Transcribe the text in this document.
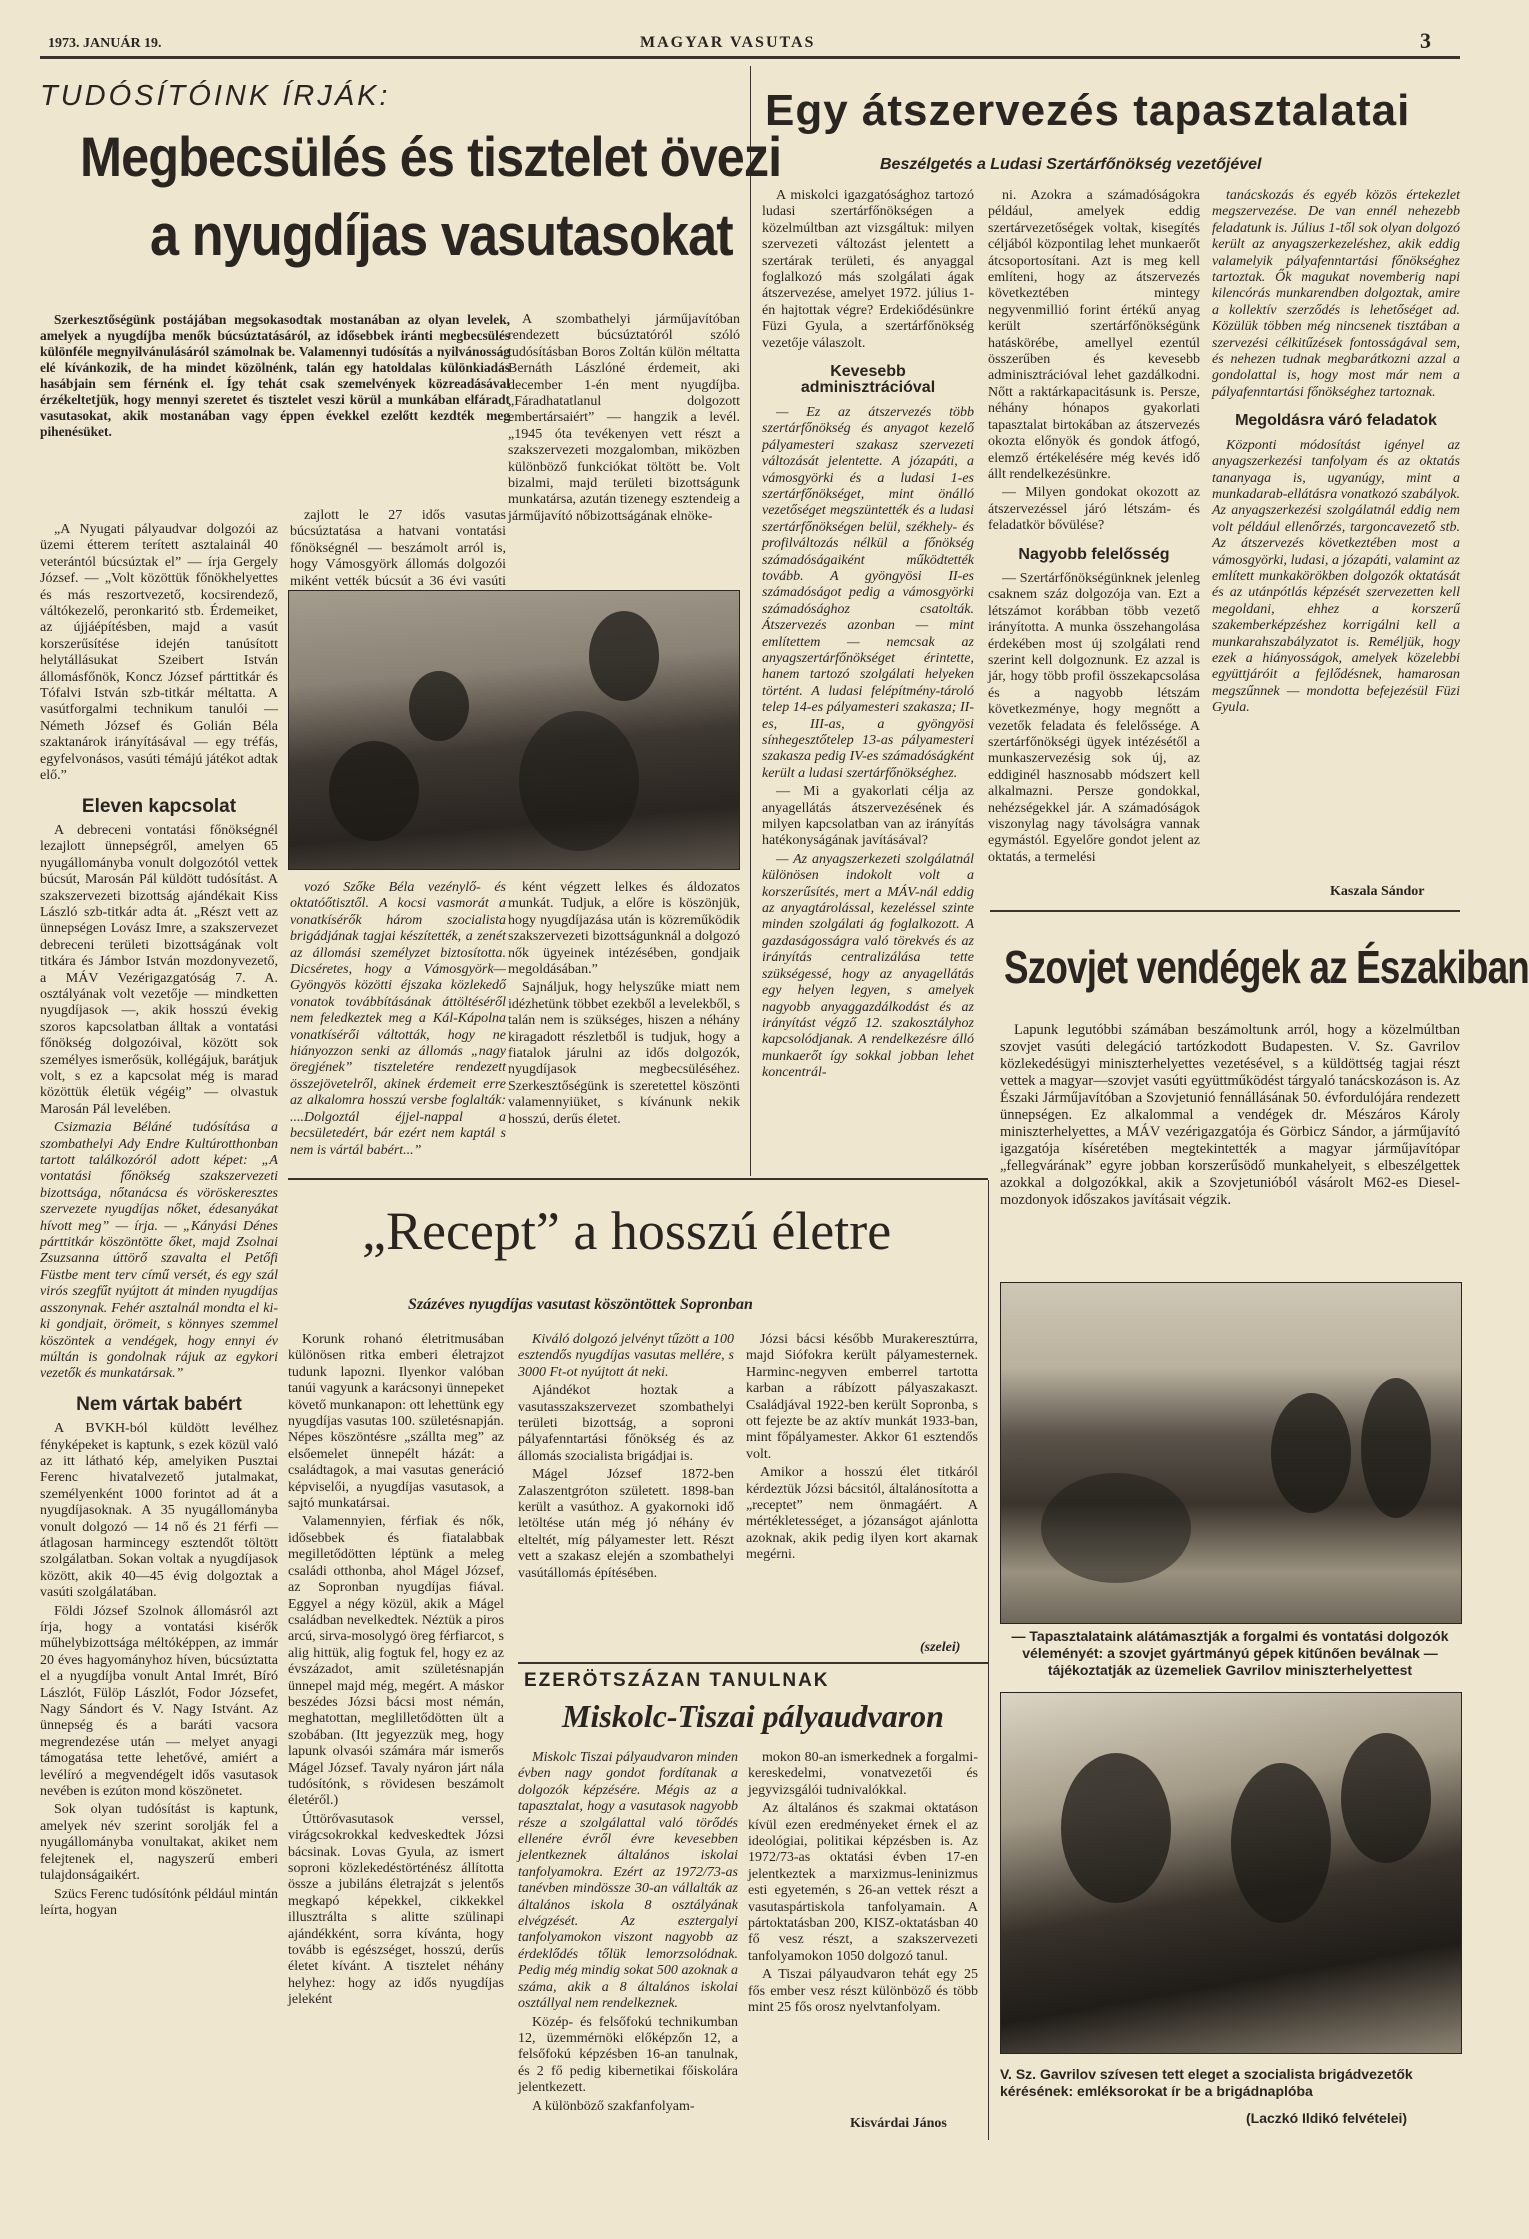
1973. JANUÁR 19.	MAGYAR VASUTAS	3
TUDÓSÍTÓINK ÍRJÁK:
Megbecsülés és tisztelet övezi
a nyugdíjas vasutasokat

Szerkesztőségünk postájában megsokasodtak mostanában az olyan levelek, amelyek a nyugdíjba menők búcsúztatásáról, az idősebbek iránti megbecsülés különféle megnyilvánulásáról számolnak be. Valamennyi tudósítás a nyilvánosság elé kívánkozik, de ha mindet közölnénk, talán egy hatoldalas különkiadás hasábjain sem férnénk el. Így tehát csak szemelvények közreadásával érzékeltetjük, hogy mennyi szeretet és tisztelet veszi körül a munkában elfáradt vasutasokat, akik mostanában vagy éppen évekkel ezelőtt kezdték meg pihenésüket.

A szombathelyi járműjavítóban rendezett búcsúztatóról szóló tudósításban Boros Zoltán külön méltatta Bernáth Lászlóné érdemeit, aki december 1-én ment nyugdíjba. „Fáradhatatlanul dolgozott embertársaiért” — hangzik a levél. „1945 óta tevékenyen vett részt a szakszervezeti mozgalomban, miközben különböző funkciókat töltött be. Volt bizalmi, majd területi bizottságunk munkatársa, azután tizenegy esztendeig a járműjavító nőbizottságának elnöke-

zajlott le 27 idős vasutas búcsúztatása a hatvani vontatási főnökségnél — beszámolt arról is, hogy Vámosgyörk állomás dolgozói miként vették búcsút a 36 évi vasúti

„A Nyugati pályaudvar dolgozói az üzemi étterem terített asztalainál 40 veterántól búcsúztak el” — írja Gergely József. — „Volt közöttük főnökhelyettes és más reszortvezető, kocsirendező, váltókezelő, peronkaritó stb. Érdemeiket, az újjáépítésben, majd a vasút korszerűsítése idején tanúsított helytállásukat Szeibert István állomásfőnök, Koncz József párttitkár és Tófalvi István szb-titkár méltatta. A vasútforgalmi technikum tanulói — Németh József és Golián Béla szaktanárok irányításával — egy tréfás, egyfelvonásos, vasúti témájú játékot adtak elő.”

Eleven kapcsolat

A debreceni vontatási főnökségnél lezajlott ünnepségről, amelyen 65 nyugállományba vonult dolgozótól vettek búcsút, Marosán Pál küldött tudósítást. A szakszervezeti bizottság ajándékait Kiss László szb-titkár adta át. „Részt vett az ünnepségen Lovász Imre, a szakszervezet debreceni területi bizottságának volt titkára és Jámbor István mozdonyvezető, a MÁV Vezérigazgatóság 7. A. osztályának volt vezetője — mindketten nyugdíjasok —, akik hosszú évekig szoros kapcsolatban álltak a vontatási főnökség dolgozóival, között sok személyes ismerősük, kollégájuk, barátjuk volt, s ez a kapcsolat még is marad közöttük életük végéig” — olvastuk Marosán Pál levelében.

Csizmazia Béláné tudósítása a szombathelyi Ady Endre Kultúrotthonban tartott találkozóról adott képet: „A vontatási főnökség szakszervezeti bizottsága, nőtanácsa és vöröskeresztes szervezete nyugdíjas nőket, édesanyákat hívott meg” — írja. — „Kányási Dénes párttitkár köszöntötte őket, majd Zsolnai Zsuzsanna úttörő szavalta el Petőfi Füstbe ment terv című versét, és egy szál virós szegfűt nyújtott át minden nyugdíjas asszonynak. Fehér asztalnál mondta el ki-ki gondjait, örömeit, s könnyes szemmel köszöntek a vendégek, hogy ennyi év múltán is gondolnak rájuk az egykori vezetők és munkatársak.”

Nem vártak babért

A BVKH-ból küldött levélhez fényképeket is kaptunk, s ezek közül való az itt látható kép, amelyiken Pusztai Ferenc hivatalvezető jutalmakat, személyenként 1000 forintot ad át a nyugdíjasoknak. A 35 nyugállományba vonult dolgozó — 14 nő és 21 férfi — átlagosan harmincegy esztendőt töltött szolgálatban. Sokan voltak a nyugdíjasok között, akik 40—45 évig dolgoztak a vasúti szolgálatában.

Földi József Szolnok állomásról azt írja, hogy a vontatási kisérők műhelybizottsága méltóképpen, az immár 20 éves hagyományhoz híven, búcsúztatta el a nyugdíjba vonult Antal Imrét, Bíró Lászlót, Fülöp Lászlót, Fodor Józsefet, Nagy Sándort és V. Nagy Istvánt. Az ünnepség és a baráti vacsora megrendezése után — melyet anyagi támogatása tette lehetővé, amiért a levélíró a megvendégelt idős vasutasok nevében is ezúton mond köszönetet.

Sok olyan tudósítást is kaptunk, amelyek név szerint sorolják fel a nyugállományba vonultakat, akiket nem felejtenek el, nagyszerű emberi tulajdonságaikért.

Szücs Ferenc tudósítónk például mintán leírta, hogyan

vozó Szőke Béla vezénylő- és oktatóőtisztől. A kocsi vasmorát a vonatkísérők három szocialista brigádjának tagjai készítették, a zenét az állomási személyzet biztosította. Dicséretes, hogy a Vámosgyörk—Gyöngyös közötti éjszaka közlekedő vonatok továbbításának áttöltéséről nem feledkeztek meg a Kál-Kápolna vonatkísérői váltották, hogy ne hiányozzon senki az állomás „nagy öregjének” tiszteletére rendezett összejövetelről, akinek érdemeit erre az alkalomra hosszú versbe foglalták: ....Dolgoztál éjjel-nappal a becsületedért, bár ezért nem kaptál s nem is vártál babért...”

ként végzett lelkes és áldozatos munkát. Tudjuk, a előre is köszönjük, hogy nyugdíjazása után is közreműködik szakszervezeti bizottságunknál a dolgozó nők ügyeinek intézésében, gondjaik megoldásában.”

Sajnáljuk, hogy helyszűke miatt nem idézhetünk többet ezekből a levelekből, s talán nem is szükséges, hiszen a néhány kiragadott részletből is tudjuk, hogy a fiatalok járulni az idős dolgozók, nyugdíjasok megbecsüléséhez. Szerkesztőségünk is szeretettel köszönti valamennyiüket, s kívánunk nekik hosszú, derűs életet.

Egy átszervezés tapasztalatai
Beszélgetés a Ludasi Szertárfőnökség vezetőjével

A miskolci igazgatósághoz tartozó ludasi szertárfőnökségen a közelmúltban azt vizsgáltuk: milyen szervezeti változást jelentett a szertárak területi, és anyaggal foglalkozó más szolgálati ágak átszervezése, amelyet 1972. július 1-én hajtottak végre? Erdekiődésünkre Füzi Gyula, a szertárfőnökség vezetője válaszolt.

Kevesebb adminisztrációval

— Ez az átszervezés több szertárfőnökség és anyagot kezelő pályamesteri szakasz szervezeti változását jelentette. A józapáti, a vámosgyörki és a ludasi 1-es szertárfőnökséget, mint önálló vezetőséget megszüntették és a ludasi szertárfőnökségen belül, székhely- és profilváltozás nélkül a főnökség számadóságaiként működtették tovább. A gyöngyösi II-es számadóságot pedig a vámosgyörki számadósághoz csatolták. Átszervezés azonban — mint említettem — nemcsak az anyagszertárfőnökséget érintette, hanem tartozó szolgálati helyeken történt. A ludasi felépítmény-tároló telep 14-es pályamesteri szakasza; II-es, III-as, a gyöngyösi sínhegesztőtelep 13-as pályamesteri szakasza pedig IV-es számadóságként került a ludasi szertárfőnökséghez.

— Mi a gyakorlati célja az anyagellátás átszervezésének és milyen kapcsolatban van az irányítás hatékonyságának javításával?

— Az anyagszerkezeti szolgálatnál különösen indokolt volt a korszerűsítés, mert a MÁV-nál eddig az anyagtárolással, kezeléssel szinte minden szolgálati ág foglalkozott. A gazdaságosságra való törekvés és az irányítás centralizálása tette szükségessé, hogy az anyagellátás egy helyen legyen, s amelyek nagyobb anyaggazdálkodást és az irányítást végző 12. szakosztályhoz kapcsolódjanak. A rendelkezésre álló munkaerőt így sokkal jobban lehet koncentrál-

ni. Azokra a számadóságokra például, amelyek eddig szertárvezetőségek voltak, kisegítés céljából központilag lehet munkaerőt átcsoportosítani. Azt is meg kell említeni, hogy az átszervezés következtében mintegy negyvenmillió forint értékű anyag került szertárfőnökségünk hatáskörébe, amellyel ezentúl összerűben és kevesebb adminisztrációval lehet gazdálkodni. Nőtt a raktárkapacitásunk is. Persze, néhány hónapos gyakorlati tapasztalat birtokában az átszervezés okozta előnyök és gondok átfogó, elemző értékelésére még kevés idő állt rendelkezésünkre.

— Milyen gondokat okozott az átszervezéssel járó létszám- és feladatkör bővülése?

Nagyobb felelősség

— Szertárfőnökségünknek jelenleg csaknem száz dolgozója van. Ezt a létszámot korábban több vezető irányította. A munka összehangolása érdekében most új szolgálati rend szerint kell dolgoznunk. Ez azzal is jár, hogy több profil összekapcsolása és a nagyobb létszám következménye, hogy megnőtt a vezetők feladata és felelőssége. A szertárfőnökségi ügyek intézésétől a munkaszervezésig sok új, az eddiginél hasznosabb módszert kell alkalmazni. Persze gondokkal, nehézségekkel jár. A számadóságok viszonylag nagy távolságra vannak egymástól. Egyelőre gondot jelent az oktatás, a termelési

tanácskozás és egyéb közös értekezlet megszervezése. De van ennél nehezebb feladatunk is. Július 1-től sok olyan dolgozó került az anyagszerkezeléshez, akik eddig valamelyik pályafenntartási főnökséghez tartoztak. Ők magukat novemberig napi kilencórás munkarendben dolgoztak, amire a kollektív szerződés is lehetőséget ad. Közülük többen még nincsenek tisztában a szervezési célkitűzések fontosságával sem, és nehezen tudnak megbarátkozni azzal a gondolattal is, hogy most már nem a pályafenntartási főnökséghez tartoznak.

Megoldásra váró feladatok

Központi módosítást igényel az anyagszerkezési tanfolyam és az oktatás tananyaga is, ugyanúgy, mint a munkadarab-ellátásra vonatkozó szabályok. Az anyagszerkezési szolgálatnál eddig nem volt például ellenőrzés, targoncavezető stb. Az átszervezés következtében most a vámosgyörki, ludasi, a józapáti, valamint az említett munkakörökben dolgozók oktatását és az utánpótlás képzését szervezetten kell megoldani, ehhez a korszerű szakemberképzéshez korrigálni kell a munkarahszabályzatot is. Reméljük, hogy ezek a hiányosságok, amelyek közelebbi együttjáróit a fejlődésnek, hamarosan megszűnnek — mondotta befejezésül Füzi Gyula.

Kaszala Sándor
Szovjet vendégek az Északiban

Lapunk legutóbbi számában beszámoltunk arról, hogy a közelmúltban szovjet vasúti delegáció tartózkodott Budapesten. V. Sz. Gavrilov közlekedésügyi miniszterhelyettes vezetésével, s a küldöttség tagjai részt vettek a magyar—szovjet vasúti együttműködést tárgyaló tanácskozáson is. Az Északi Járműjavítóban a Szovjetunió fennállásának 50. évfordulójára rendezett ünnepségen. Ez alkalommal a vendégek dr. Mészáros Károly miniszterhelyettes, a MÁV vezérigazgatója és Görbicz Sándor, a járműjavító igazgatója kíséretében megtekintették a magyar járműjavítópar „fellegvárának” egyre jobban korszerűsödő munkahelyeit, s elbeszélgettek azokkal a dolgozókkal, akik a Szovjetunióból vásárolt M62-es Diesel-mozdonyok időszakos javításait végzik.

— Tapasztalataink alátámasztják a forgalmi és vontatási dolgozók véleményét: a szovjet gyártmányú gépek kitűnően beválnak — tájékoztatják az üzemeliek Gavrilov miniszterhelyettest
V. Sz. Gavrilov szívesen tett eleget a szocialista brigádvezetők kérésének: emléksorokat ír be a brigádnaplóba
(Laczkó Ildikó felvételei)
„Recept” a hosszú életre
Százéves nyugdíjas vasutast köszöntöttek Sopronban

Korunk rohanó életritmusában különösen ritka emberi életrajzot tudunk lapozni. Ilyenkor valóban tanúi vagyunk a karácsonyi ünnepeket követő munkanapon: ott lehettünk egy nyugdíjas vasutas 100. születésnapján. Népes köszöntésre „szállta meg” az elsőemelet ünnepélt házát: a családtagok, a mai vasutas generáció képviselői, a nyugdíjas vasutasok, a sajtó munkatársai.

Valamennyien, férfiak és nők, idősebbek és fiatalabbak megilletődötten léptünk a meleg családi otthonba, ahol Mágel József, az Sopronban nyugdíjas fiával. Eggyel a négy közül, akik a Mágel családban nevelkedtek. Néztük a piros arcú, sirva-mosolygó öreg férfiarcot, s alig hittük, alig fogtuk fel, hogy ez az évszázadot, amit születésnapján ünnepel majd még, megért. A máskor beszédes Józsi bácsi most némán, meghatottan, meglilletődötten ült a szobában. (Itt jegyezzük meg, hogy lapunk olvasói számára már ismerős Mágel József. Tavaly nyáron járt nála tudósítónk, s rövidesen beszámolt életéről.)

Úttörővasutasok verssel, virágcsokrokkal kedveskedtek Józsi bácsinak. Lovas Gyula, az ismert soproni közlekedéstörténész állította össze a jubiláns életrajzát s jelentős megkapó képekkel, cikkekkel illusztrálta s alitte szülinapi ajándékként, sorra kívánta, hogy tovább is egészséget, hosszú, derűs életet kívánt. A tisztelet néhány helyhez: hogy az idős nyugdíjas jeleként

Kiváló dolgozó jelvényt tűzött a 100 esztendős nyugdíjas vasutas mellére, s 3000 Ft-ot nyújtott át neki.

Ajándékot hoztak a vasutasszakszervezet szombathelyi területi bizottság, a soproni pályafenntartási főnökség és az állomás szocialista brigádjai is.

Mágel József 1872-ben Zalaszentgróton született. 1898-ban került a vasúthoz. A gyakornoki idő letöltése után még jó néhány év elteltét, míg pályamester lett. Részt vett a szakasz elején a szombathelyi vasútállomás építésében.

Józsi bácsi később Murakeresztúrra, majd Siófokra került pályamesternek. Harminc-negyven emberrel tartotta karban a rábízott pályaszakaszt. Családjával 1922-ben került Sopronba, s ott fejezte be az aktív munkát 1933-ban, mint főpályamester. Akkor 61 esztendős volt.

Amikor a hosszú élet titkáról kérdeztük Józsi bácsitól, általánosította a „receptet” nem önmagáért. A mértékletességet, a józanságot ajánlotta azoknak, akik pedig ilyen kort akarnak megérni.

(szelei)
EZERÖTSZÁZAN TANULNAK
Miskolc-Tiszai pályaudvaron

Miskolc Tiszai pályaudvaron minden évben nagy gondot fordítanak a dolgozók képzésére. Mégis az a tapasztalat, hogy a vasutasok nagyobb része a szolgálattal való törődés ellenére évről évre kevesebben jelentkeznek általános iskolai tanfolyamokra. Ezért az 1972/73-as tanévben mindössze 30-an vállalták az általános iskola 8 osztályának elvégzését. Az esztergalyi tanfolyamokon viszont nagyobb az érdeklődés tőlük lemorzsolódnak. Pedig még mindig sokat 500 azoknak a száma, akik a 8 általános iskolai osztállyal nem rendelkeznek.

Közép- és felsőfokú technikumban 12, üzemmérnöki előképzőn 12, a felsőfokú képzésben 16-an tanulnak, és 2 fő pedig kibernetikai főiskolára jelentkezett.

A különböző szakfanfolyam-

mokon 80-an ismerkednek a forgalmi-kereskedelmi, vonatvezetői és jegyvizsgálói tudnivalókkal.

Az általános és szakmai oktatáson kívül ezen eredményeket érnek el az ideológiai, politikai képzésben is. Az 1972/73-as oktatási évben 17-en jelentkeztek a marxizmus-leninizmus esti egyetemén, s 26-an vettek részt a vasutaspártiskola tanfolyamain. A pártoktatásban 200, KISZ-oktatásban 40 fő vesz részt, a szakszervezeti tanfolyamokon 1050 dolgozó tanul.

A Tiszai pályaudvaron tehát egy 25 fős ember vesz részt különböző és több mint 25 fős orosz nyelvtanfolyam.

Kisvárdai János
